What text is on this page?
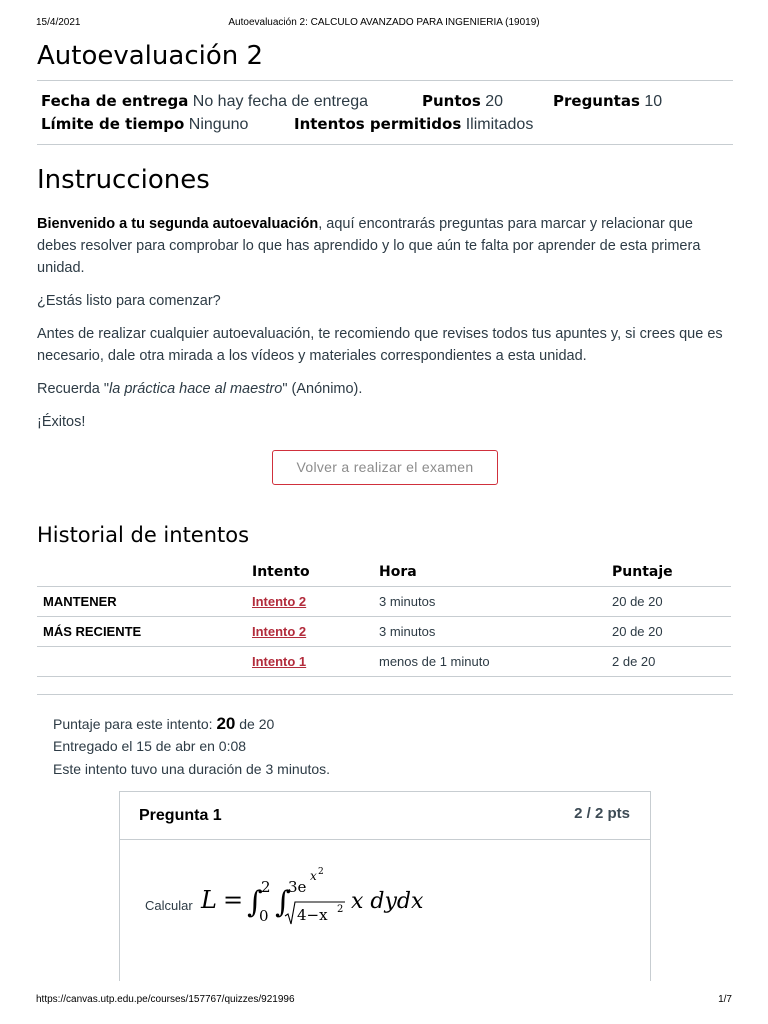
15/4/2021	Autoevaluación 2: CALCULO AVANZADO PARA INGENIERIA (19019)
Autoevaluación 2
Fecha de entrega No hay fecha de entrega	Puntos 20	Preguntas 10
Límite de tiempo Ninguno	Intentos permitidos Ilimitados
Instrucciones

Bienvenido a tu segunda autoevaluación, aquí encontrarás preguntas para marcar y relacionar que debes resolver para comprobar lo que has aprendido y lo que aún te falta por aprender de esta primera unidad.

¿Estás listo para comenzar?

Antes de realizar cualquier autoevaluación, te recomiendo que revises todos tus apuntes y, si crees que es necesario, dale otra mirada a los vídeos y materiales correspondientes a esta unidad.

Recuerda "la práctica hace al maestro" (Anónimo).

¡Éxitos!

Volver a realizar el examen
Historial de intentos
	Intento	Hora	Puntaje
MANTENER	Intento 2	3 minutos	20 de 20
MÁS RECIENTE	Intento 2	3 minutos	20 de 20
	Intento 1	menos de 1 minuto	2 de 20
Puntaje para este intento: 20 de 20
Entregado el 15 de abr en 0:08
Este intento tuvo una duración de 3 minutos.
Pregunta 1	2 / 2 pts
Calcular L = ∫
2
0 ∫
3e
x 2
4−x 2 x dydx
https://canvas.utp.edu.pe/courses/157767/quizzes/921996	1/7
